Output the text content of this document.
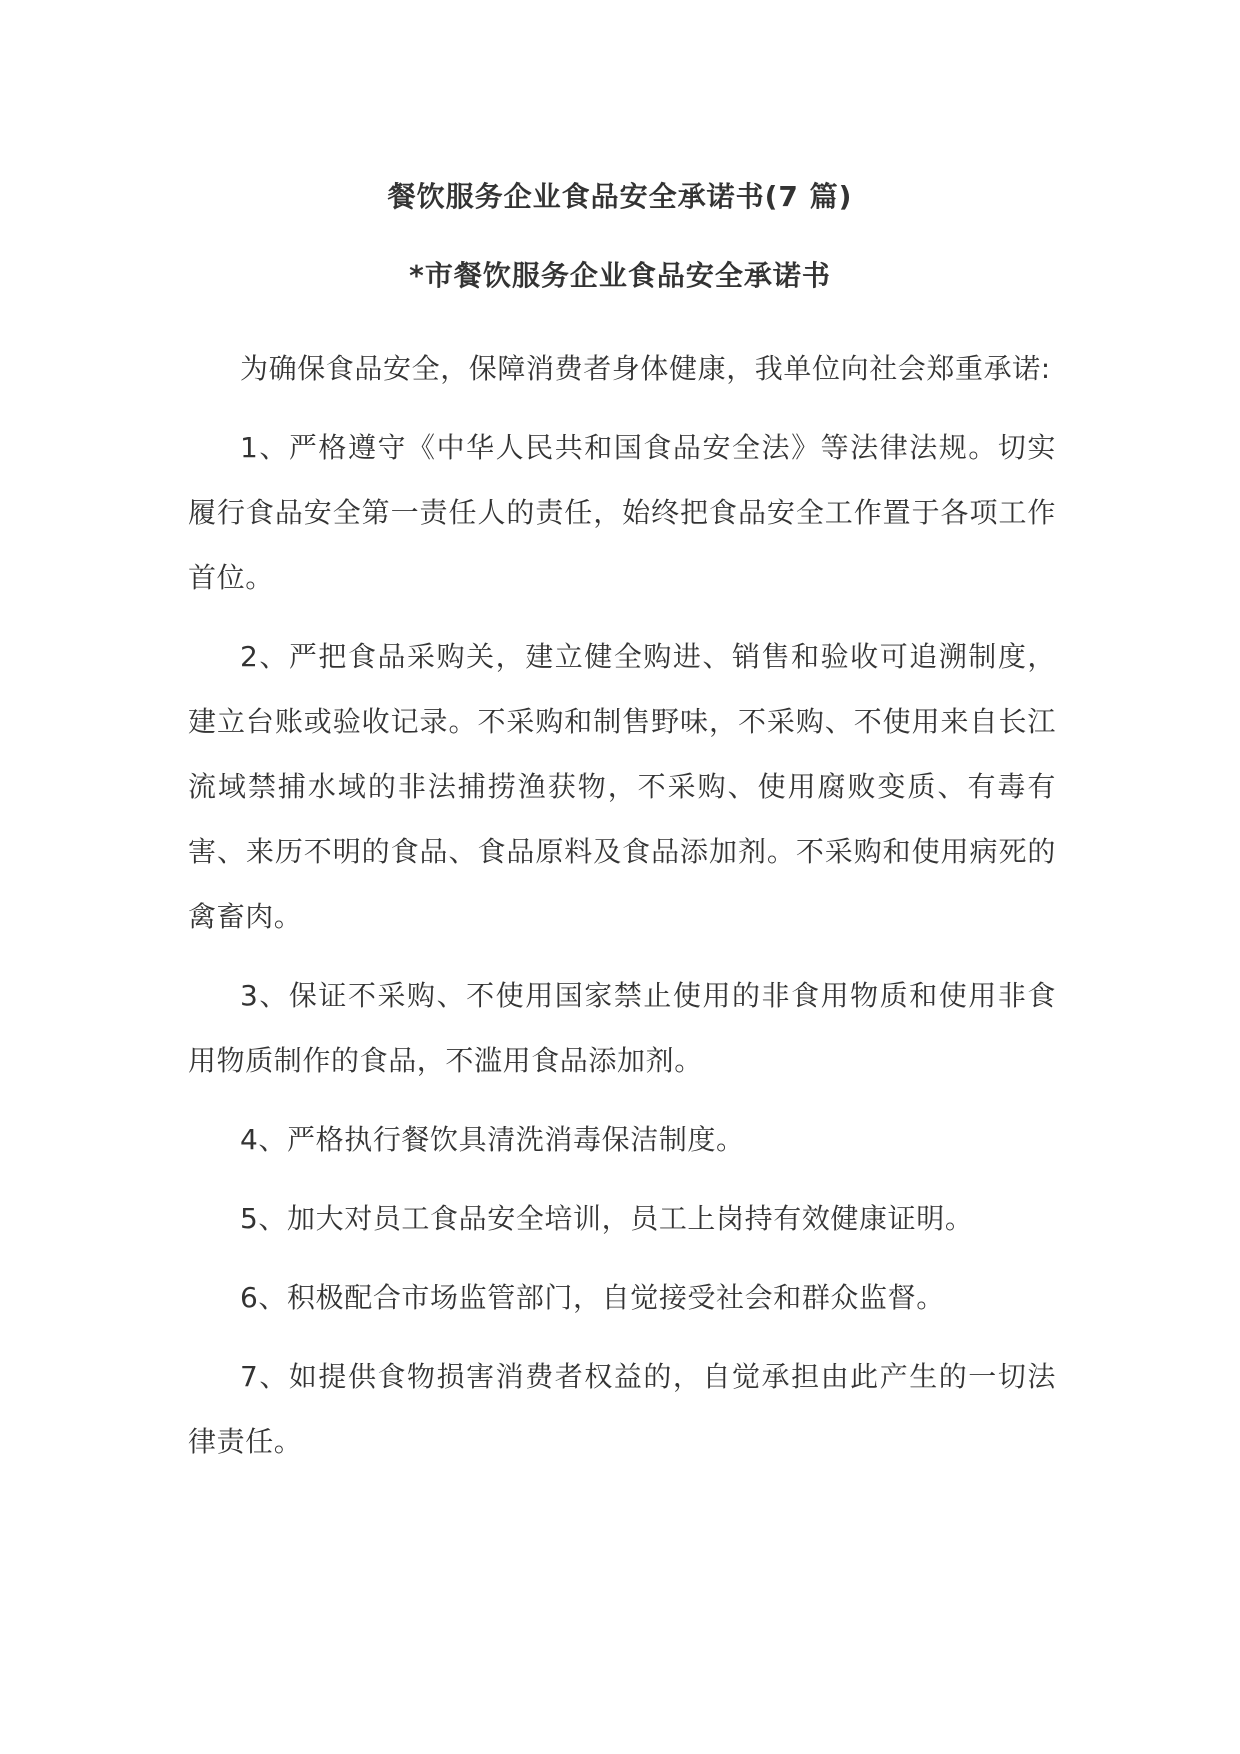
餐饮服务企业食品安全承诺书(7 篇)
*市餐饮服务企业食品安全承诺书

为确保食品安全，保障消费者身体健康，我单位向社会郑重承诺:

1、严格遵守《中华人民共和国食品安全法》等法律法规。切实履行食品安全第一责任人的责任，始终把食品安全工作置于各项工作首位。

2、严把食品采购关，建立健全购进、销售和验收可追溯制度，建立台账或验收记录。不采购和制售野味，不采购、不使用来自长江流域禁捕水域的非法捕捞渔获物，不采购、使用腐败变质、有毒有害、来历不明的食品、食品原料及食品添加剂。不采购和使用病死的禽畜肉。

3、保证不采购、不使用国家禁止使用的非食用物质和使用非食用物质制作的食品，不滥用食品添加剂。

4、严格执行餐饮具清洗消毒保洁制度。

5、加大对员工食品安全培训，员工上岗持有效健康证明。

6、积极配合市场监管部门，自觉接受社会和群众监督。

7、如提供食物损害消费者权益的，自觉承担由此产生的一切法律责任。
